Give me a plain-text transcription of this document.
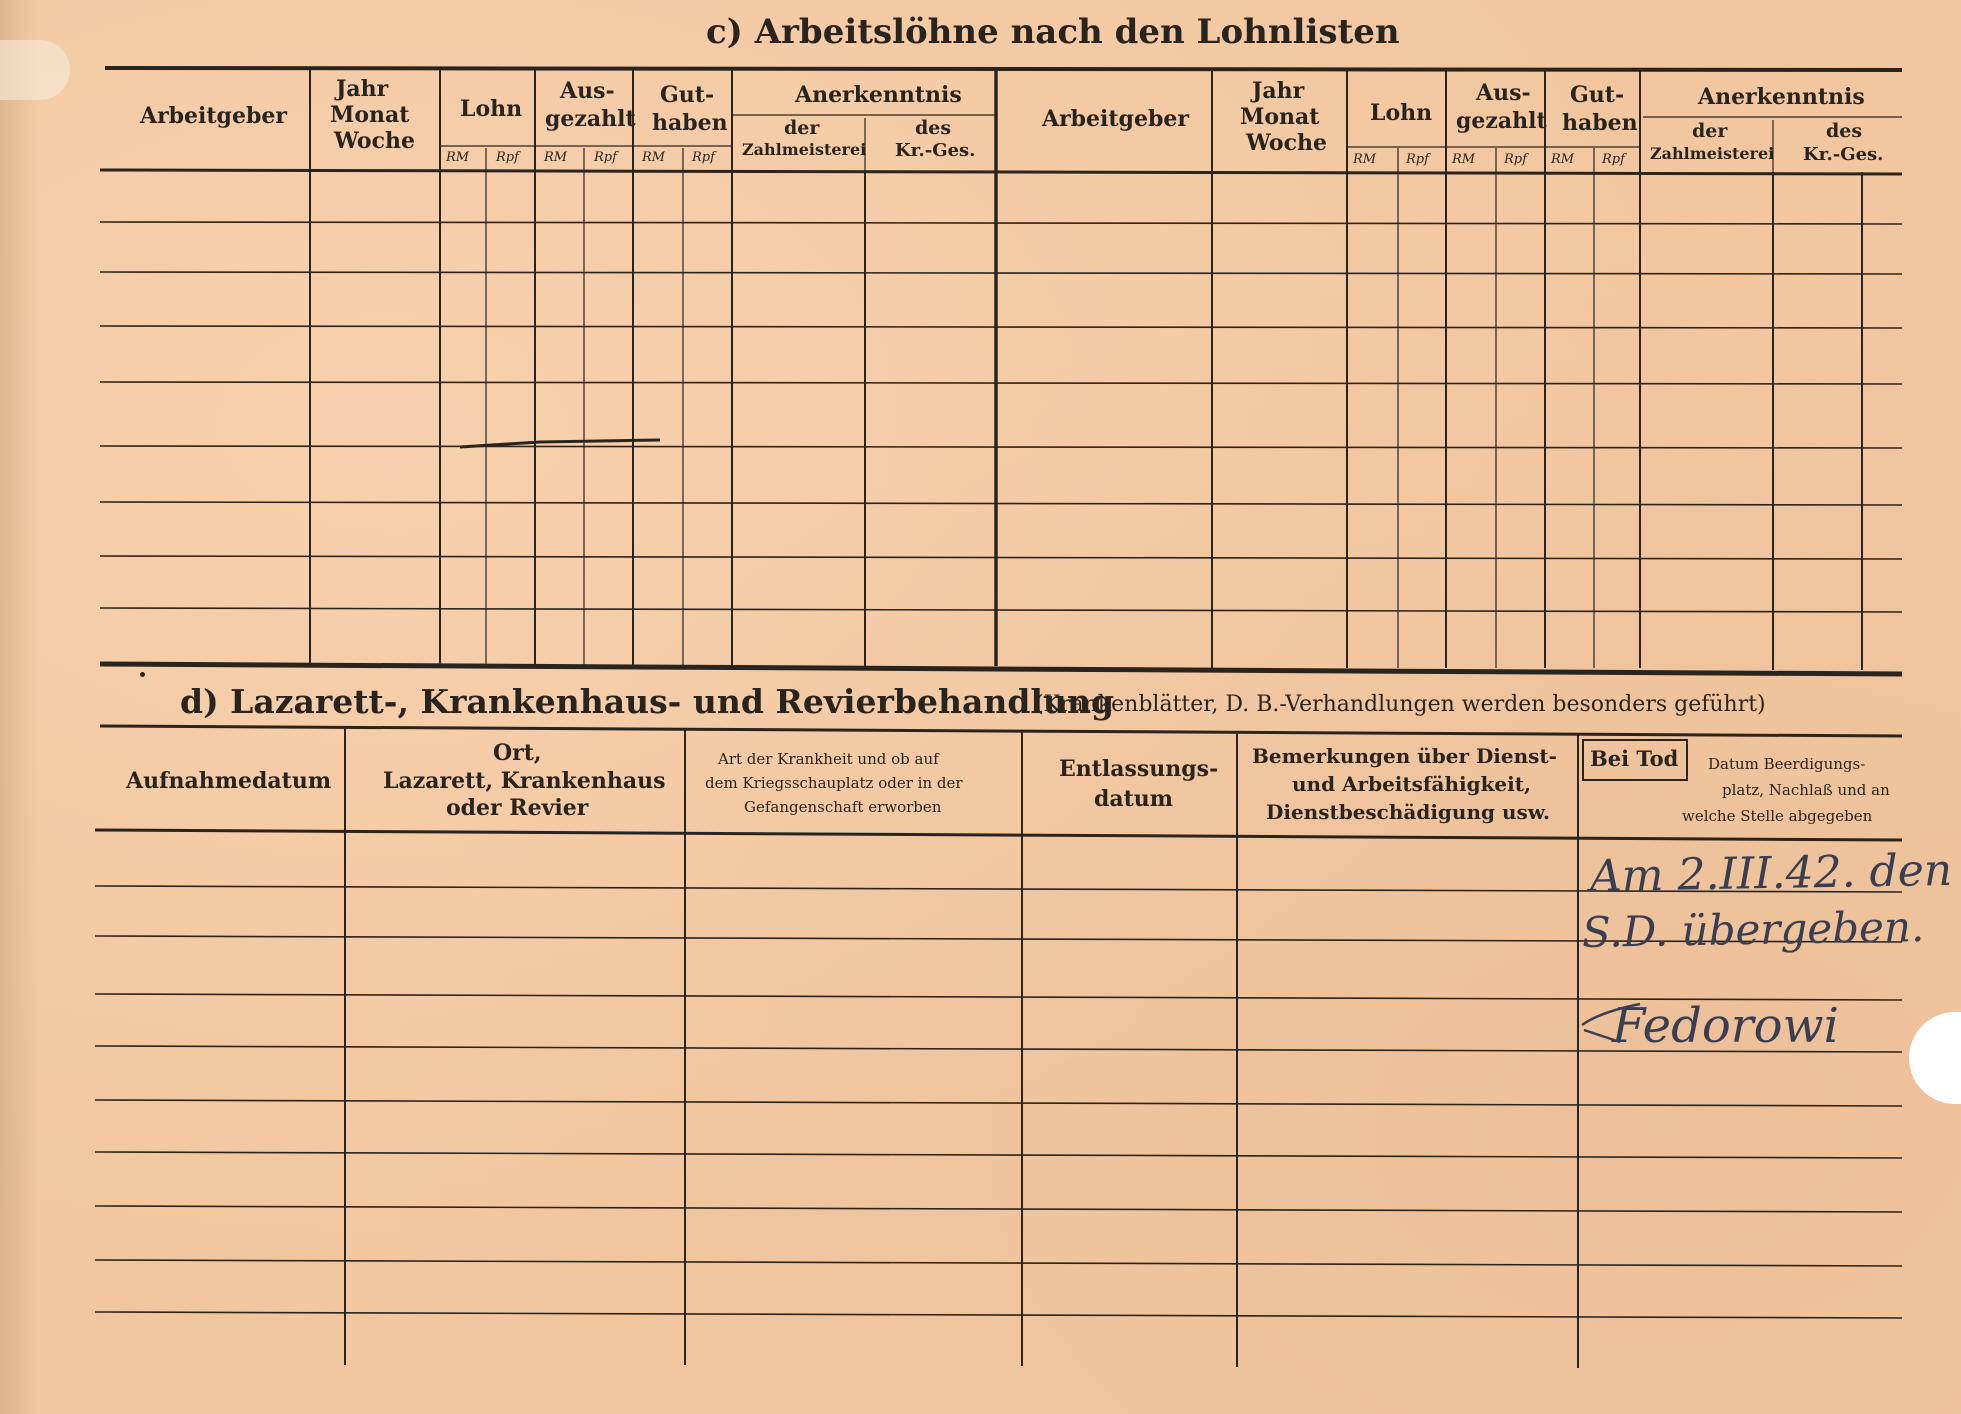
c) Arbeitslöhne nach den Lohnlisten
Arbeitgeber
Jahr
Monat
Woche
Lohn
Aus-
gezahlt
Gut-
haben
Anerkenntnis
der
Zahlmeisterei
des
Kr.-Ges.
RM Rpf RM Rpf RM Rpf
Arbeitgeber
Jahr
Monat
Woche
Lohn
Aus-
gezahlt
Gut-
haben
Anerkenntnis
der
Zahlmeisterei
des
Kr.-Ges.
RM Rpf RM Rpf RM Rpf
d) Lazarett-, Krankenhaus- und Revierbehandlung
(Krankenblätter, D. B.-Verhandlungen werden besonders geführt)
Aufnahmedatum
Ort,
Lazarett, Krankenhaus
oder Revier
Art der Krankheit und ob auf
dem Kriegsschauplatz oder in der
Gefangenschaft erworben
Entlassungs-
datum
Bemerkungen über Dienst-
und Arbeitsfähigkeit,
Dienstbeschädigung usw.
Bei Tod Datum Beerdigungs-
platz, Nachlaß und an
welche Stelle abgegeben
Am 2.III.42. den
S.D. übergeben.
Fedorowi
